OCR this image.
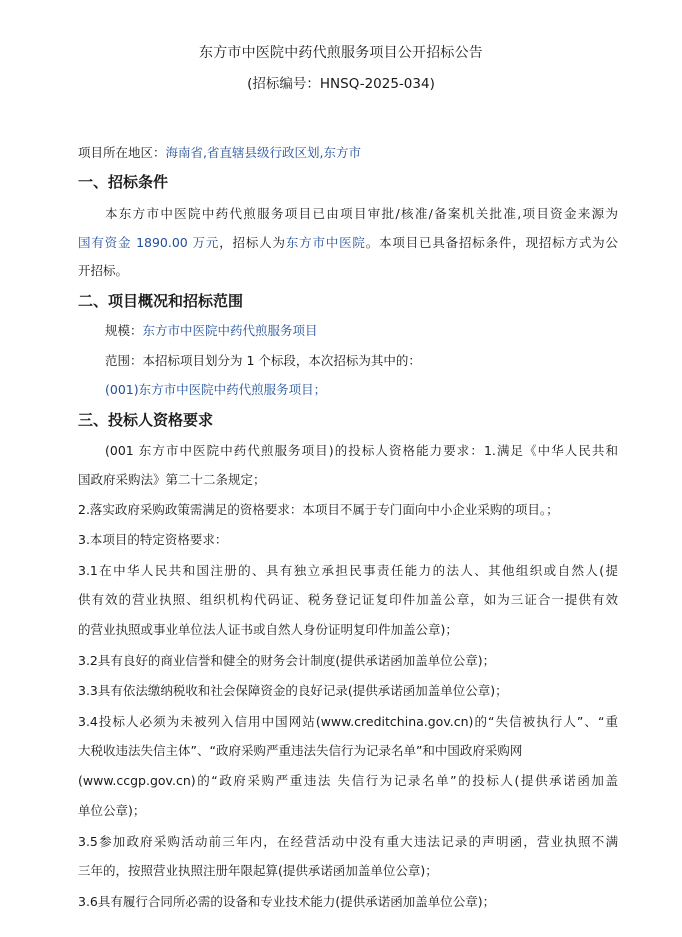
东方市中医院中药代煎服务项目公开招标公告
(招标编号：HNSQ-2025-034)
项目所在地区：海南省,省直辖县级行政区划,东方市
一、招标条件
本东方市中医院中药代煎服务项目已由项目审批/核准/备案机关批准,项目资金来源为
国有资金 1890.00 万元，招标人为东方市中医院。本项目已具备招标条件，现招标方式为公
开招标。
二、项目概况和招标范围
规模：东方市中医院中药代煎服务项目
范围：本招标项目划分为 1 个标段，本次招标为其中的：
(001)东方市中医院中药代煎服务项目；
三、投标人资格要求
(001 东方市中医院中药代煎服务项目)的投标人资格能力要求：1.满足《中华人民共和
国政府采购法》第二十二条规定；
2.落实政府采购政策需满足的资格要求：本项目不属于专门面向中小企业采购的项目。；
3.本项目的特定资格要求：
3.1在中华人民共和国注册的、具有独立承担民事责任能力的法人、其他组织或自然人(提
供有效的营业执照、组织机构代码证、税务登记证复印件加盖公章，如为三证合一提供有效
的营业执照或事业单位法人证书或自然人身份证明复印件加盖公章)；
3.2具有良好的商业信誉和健全的财务会计制度(提供承诺函加盖单位公章)；
3.3具有依法缴纳税收和社会保障资金的良好记录(提供承诺函加盖单位公章)；
3.4投标人必须为未被列入信用中国网站(www.creditchina.gov.cn)的“失信被执行人”、“重
大税收违法失信主体”、“政府采购严重违法失信行为记录名单”和中国政府采购网
(www.ccgp.gov.cn)的“政府采购严重违法 失信行为记录名单”的投标人(提供承诺函加盖
单位公章)；
3.5参加政府采购活动前三年内，在经营活动中没有重大违法记录的声明函，营业执照不满
三年的，按照营业执照注册年限起算(提供承诺函加盖单位公章)；
3.6具有履行合同所必需的设备和专业技术能力(提供承诺函加盖单位公章)；
